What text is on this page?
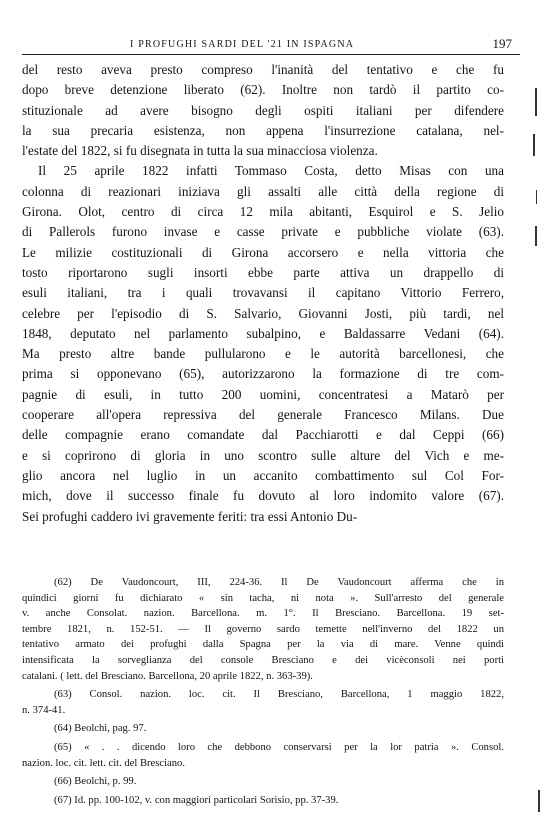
I PROFUGHI SARDI DEL '21 IN ISPAGNA	197

del resto aveva presto compreso l'inanità del tentativo e che fu
dopo breve detenzione liberato (62). Inoltre non tardò il partito co-
stituzionale ad avere bisogno degli ospiti italiani per difendere
la sua precaria esistenza, non appena l'insurrezione catalana, nel-
l'estate del 1822, si fu disegnata in tutta la sua minacciosa violenza.

Il 25 aprile 1822 infatti Tommaso Costa, detto Misas con una
colonna di reazionari iniziava gli assalti alle città della regione di
Girona. Olot, centro di circa 12 mila abitanti, Esquirol e S. Jelio
di Pallerols furono invase e casse private e pubbliche violate (63).
Le milizie costituzionali di Girona accorsero e nella vittoria che
tosto riportarono sugli insorti ebbe parte attiva un drappello di
esuli italiani, tra i quali trovavansi il capitano Vittorio Ferrero,
celebre per l'episodio di S. Salvario, Giovanni Josti, più tardi, nel
1848, deputato nel parlamento subalpino, e Baldassarre Vedani (64).
Ma presto altre bande pullularono e le autorità barcellonesi, che
prima si opponevano (65), autorizzarono la formazione di tre com-
pagnie di esuli, in tutto 200 uomini, concentratesi a Matarò per
cooperare all'opera repressiva del generale Francesco Milans. Due
delle compagnie erano comandate dal Pacchiarotti e dal Ceppi (66)
e si coprirono di gloria in uno scontro sulle alture del Vich e me-
glio ancora nel luglio in un accanito combattimento sul Col For-
mich, dove il successo finale fu dovuto al loro indomito valore (67).
Sei profughi caddero ivi gravemente feriti: tra essi Antonio Du-

(62) De Vaudoncourt, III, 224-36. Il De Vaudoncourt afferma che in
quindici giorni fu dichiarato « sin tacha, ni nota ». Sull'arresto del generale
v. anche Consolat. nazion. Barcellona. m. 1°. Il Bresciano. Barcellona. 19 set-
tembre 1821, n. 152-51. — Il governo sardo temette nell'inverno del 1822 un
tentativo armato dei profughi dalla Spagna per la via di mare. Venne quindi
intensificata la sorveglianza del console Bresciano e dei vicèconsoli nei porti
catalani. ( lett. del Bresciano. Barcellona, 20 aprile 1822, n. 363-39).
(63) Consol. nazion. loc. cit. Il Bresciano, Barcellona, 1 maggio 1822,
n. 374-41.
(64) Beolchi, pag. 97.
(65) « . . dicendo loro che debbono conservarsi per la lor patria ». Consol.
nazion. loc. cit. lett. cit. del Bresciano.
(66) Beolchi, p. 99.
(67) Id. pp. 100-102, v. con maggiori particolari Sorisio, pp. 37-39.
